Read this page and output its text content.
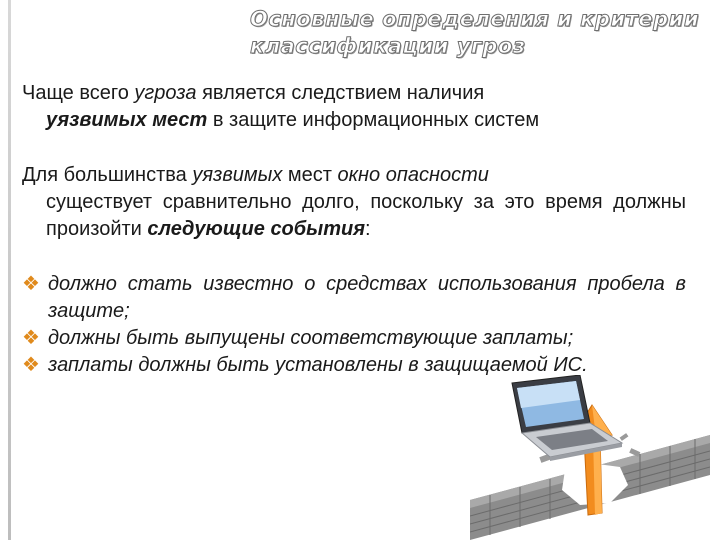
Основные определения и критерии
классификации угроз
Чаще всего угроза является следствием наличия
уязвимых мест в защите информационных систем
Для большинства уязвимых мест окно опасности
существует сравнительно долго, поскольку за это время должны произойти следующие события:
❖ должно стать известно о средствах использования пробела в защите;
❖ должны быть выпущены соответствующие заплаты;
❖ заплаты должны быть установлены в защищаемой ИС.
